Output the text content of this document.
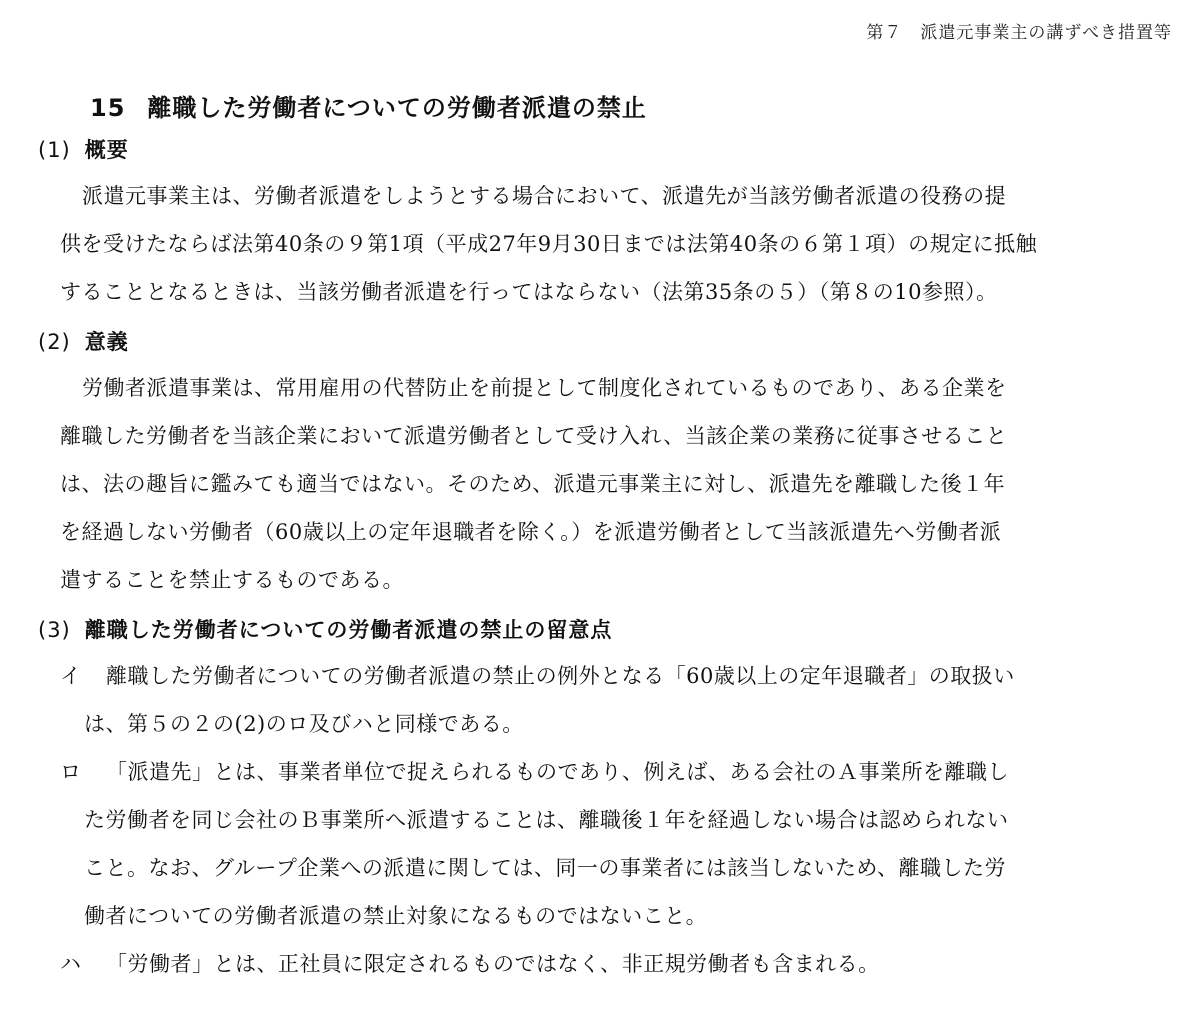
第７　派遣元事業主の講ずべき措置等
15 離職した労働者についての労働者派遣の禁止
(1) 概要
派遣元事業主は、労働者派遣をしようとする場合において、派遣先が当該労働者派遣の役務の提
供を受けたならば法第40条の９第1項（平成27年9月30日までは法第40条の６第１項）の規定に抵触
することとなるときは、当該労働者派遣を行ってはならない（法第35条の５）（第８の10参照）。
(2) 意義
労働者派遣事業は、常用雇用の代替防止を前提として制度化されているものであり、ある企業を
離職した労働者を当該企業において派遣労働者として受け入れ、当該企業の業務に従事させること
は、法の趣旨に鑑みても適当ではない。そのため、派遣元事業主に対し、派遣先を離職した後１年
を経過しない労働者（60歳以上の定年退職者を除く。）を派遣労働者として当該派遣先へ労働者派
遣することを禁止するものである。
(3) 離職した労働者についての労働者派遣の禁止の留意点
イ 離職した労働者についての労働者派遣の禁止の例外となる「60歳以上の定年退職者」の取扱い
は、第５の２の(2)のロ及びハと同様である。
ロ 「派遣先」とは、事業者単位で捉えられるものであり、例えば、ある会社のＡ事業所を離職し
た労働者を同じ会社のＢ事業所へ派遣することは、離職後１年を経過しない場合は認められない
こと。なお、グループ企業への派遣に関しては、同一の事業者には該当しないため、離職した労
働者についての労働者派遣の禁止対象になるものではないこと。
ハ 「労働者」とは、正社員に限定されるものではなく、非正規労働者も含まれる。
